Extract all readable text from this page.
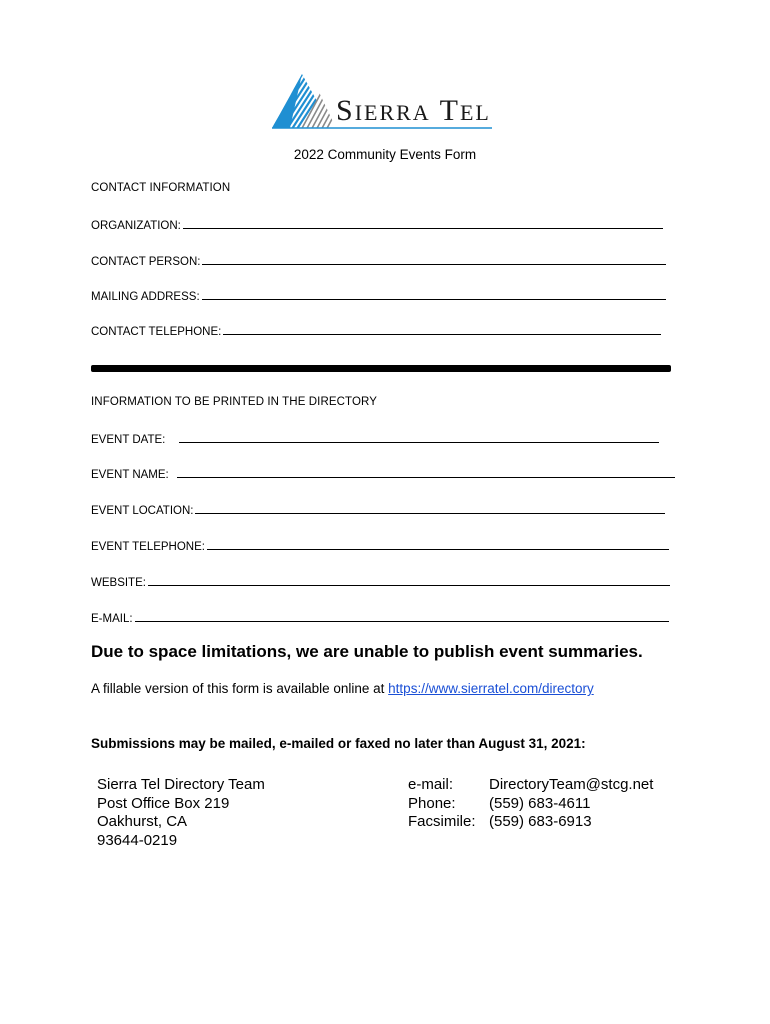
SIERRA TEL
2022 Community Events Form
CONTACT INFORMATION
ORGANIZATION:
CONTACT PERSON:
MAILING ADDRESS:
CONTACT TELEPHONE:
INFORMATION TO BE PRINTED IN THE DIRECTORY
EVENT DATE:
EVENT NAME:
EVENT LOCATION:
EVENT TELEPHONE:
WEBSITE:
E-MAIL:
Due to space limitations, we are unable to publish event summaries.
A fillable version of this form is available online at https://www.sierratel.com/directory
Submissions may be mailed, e-mailed or faxed no later than August 31, 2021:
Sierra Tel Directory Team
Post Office Box 219
Oakhurst, CA
93644-0219
e-mail:
Phone:
Facsimile:
DirectoryTeam@stcg.net
(559) 683-4611
(559) 683-6913
